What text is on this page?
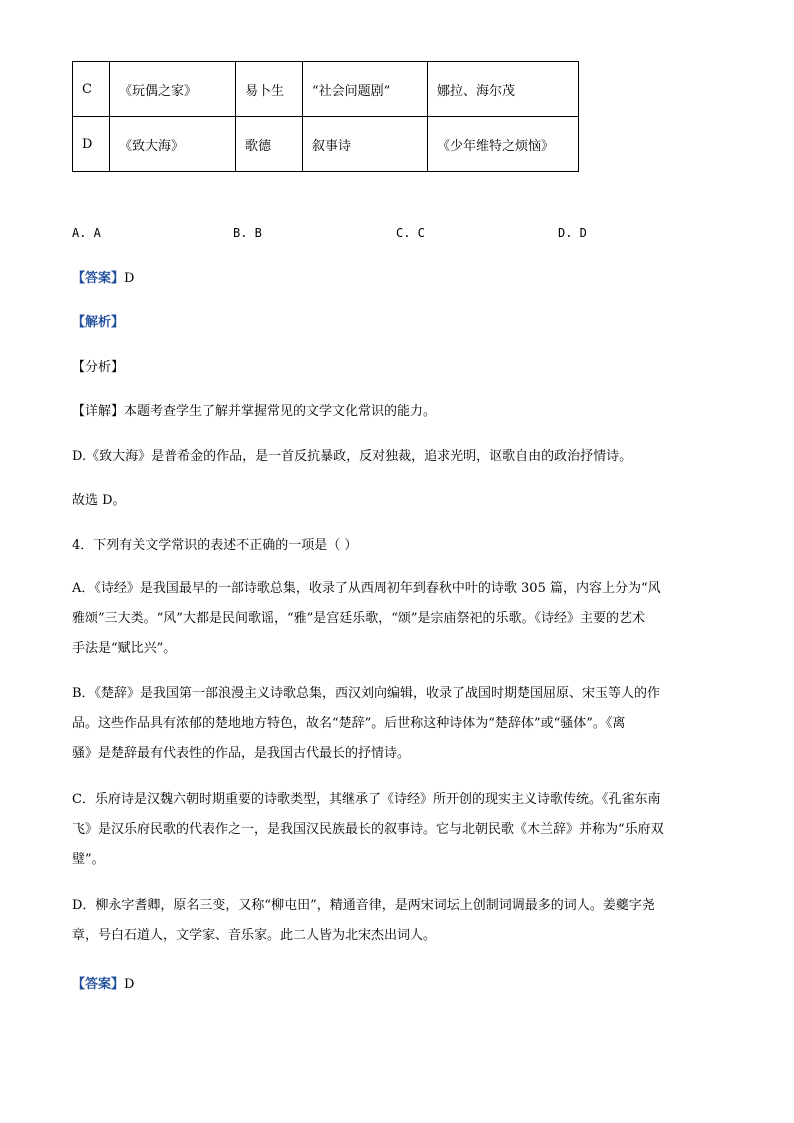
C	《玩偶之家》	易卜生	“社会问题剧”	娜拉、海尔茂
D	《致大海》	歌德	叙事诗	《少年维特之烦恼》
A. A	B. B	C. C	D. D
【答案】D
【解析】
【分析】
【详解】本题考查学生了解并掌握常见的文学文化常识的能力。
D.《致大海》是普希金的作品，是一首反抗暴政，反对独裁，追求光明，讴歌自由的政治抒情诗。
故选 D。
4．下列有关文学常识的表述不正确的一项是（ ）
A．《诗经》是我国最早的一部诗歌总集，收录了从西周初年到春秋中叶的诗歌 305 篇，内容上分为“风
雅颂”三大类。“风”大都是民间歌谣，“雅”是宫廷乐歌，“颂”是宗庙祭祀的乐歌。《诗经》主要的艺术
手法是“赋比兴”。
B．《楚辞》是我国第一部浪漫主义诗歌总集，西汉刘向编辑，收录了战国时期楚国屈原、宋玉等人的作
品。这些作品具有浓郁的楚地地方特色，故名“楚辞”。后世称这种诗体为“楚辞体”或“骚体”。《离
骚》是楚辞最有代表性的作品，是我国古代最长的抒情诗。
C．乐府诗是汉魏六朝时期重要的诗歌类型，其继承了《诗经》所开创的现实主义诗歌传统。《孔雀东南
飞》是汉乐府民歌的代表作之一，是我国汉民族最长的叙事诗。它与北朝民歌《木兰辞》并称为“乐府双
璧”。
D．柳永字耆卿，原名三变，又称“柳屯田”，精通音律，是两宋词坛上创制词调最多的词人。姜夔字尧
章，号白石道人，文学家、音乐家。此二人皆为北宋杰出词人。
【答案】D
